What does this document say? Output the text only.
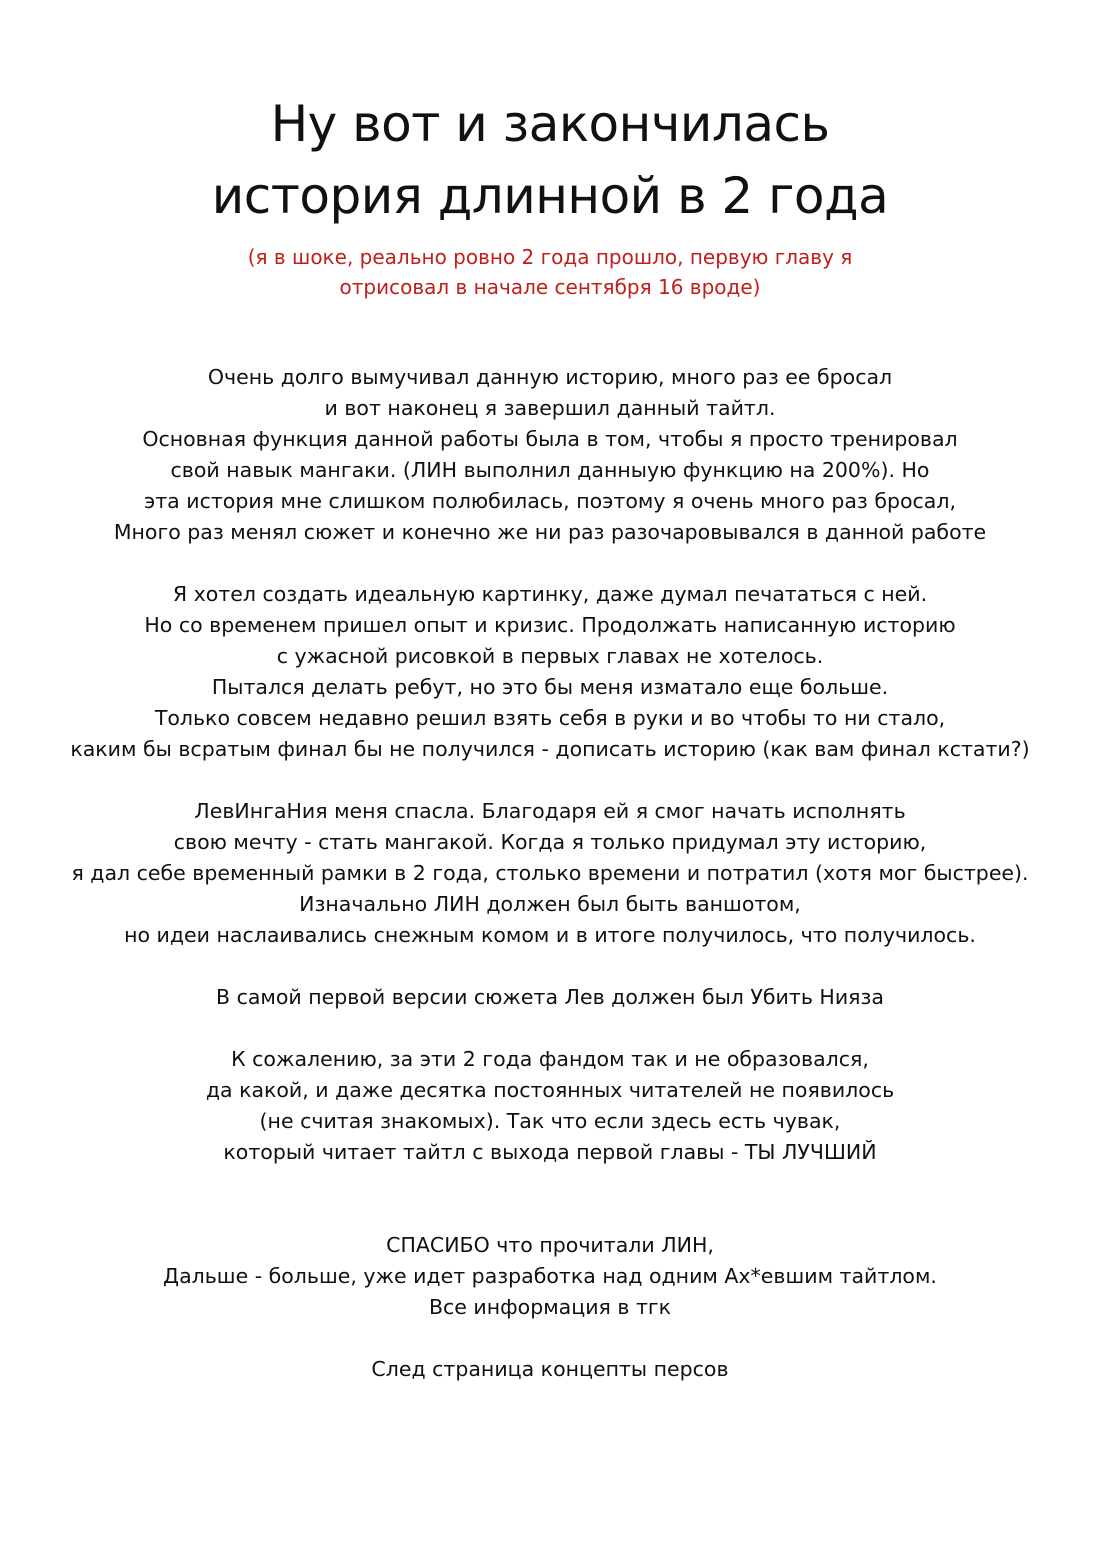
Ну вот и закончилась
история длинной в 2 года
(я в шоке, реально ровно 2 года прошло, первую главу я
отрисовал в начале сентября 16 вроде)
Очень долго вымучивал данную историю, много раз ее бросал
и вот наконец я завершил данный тайтл.
Основная функция данной работы была в том, чтобы я просто тренировал
свой навык мангаки. (ЛИН выполнил данныую функцию на 200%). Но
эта история мне слишком полюбилась, поэтому я очень много раз бросал,
Много раз менял сюжет и конечно же ни раз разочаровывался в данной работе
Я хотел создать идеальную картинку, даже думал печататься с ней.
Но со временем пришел опыт и кризис. Продолжать написанную историю
с ужасной рисовкой в первых главах не хотелось.
Пытался делать ребут, но это бы меня изматало еще больше.
Только совсем недавно решил взять себя в руки и во чтобы то ни стало,
каким бы всратым финал бы не получился - дописать историю (как вам финал кстати?)
ЛевИнгаНия меня спасла. Благодаря ей я смог начать исполнять
свою мечту - стать мангакой. Когда я только придумал эту историю,
я дал себе временный рамки в 2 года, столько времени и потратил (хотя мог быстрее).
Изначально ЛИН должен был быть ваншотом,
но идеи наслаивались снежным комом и в итоге получилось, что получилось.
В самой первой версии сюжета Лев должен был Убить Нияза
К сожалению, за эти 2 года фандом так и не образовался,
да какой, и даже десятка постоянных читателей не появилось
(не считая знакомых). Так что если здесь есть чувак,
который читает тайтл с выхода первой главы - ТЫ ЛУЧШИЙ
СПАСИБО что прочитали ЛИН,
Дальше - больше, уже идет разработка над одним Ах*евшим тайтлом.
Все информация в тгк
След страница концепты персов
